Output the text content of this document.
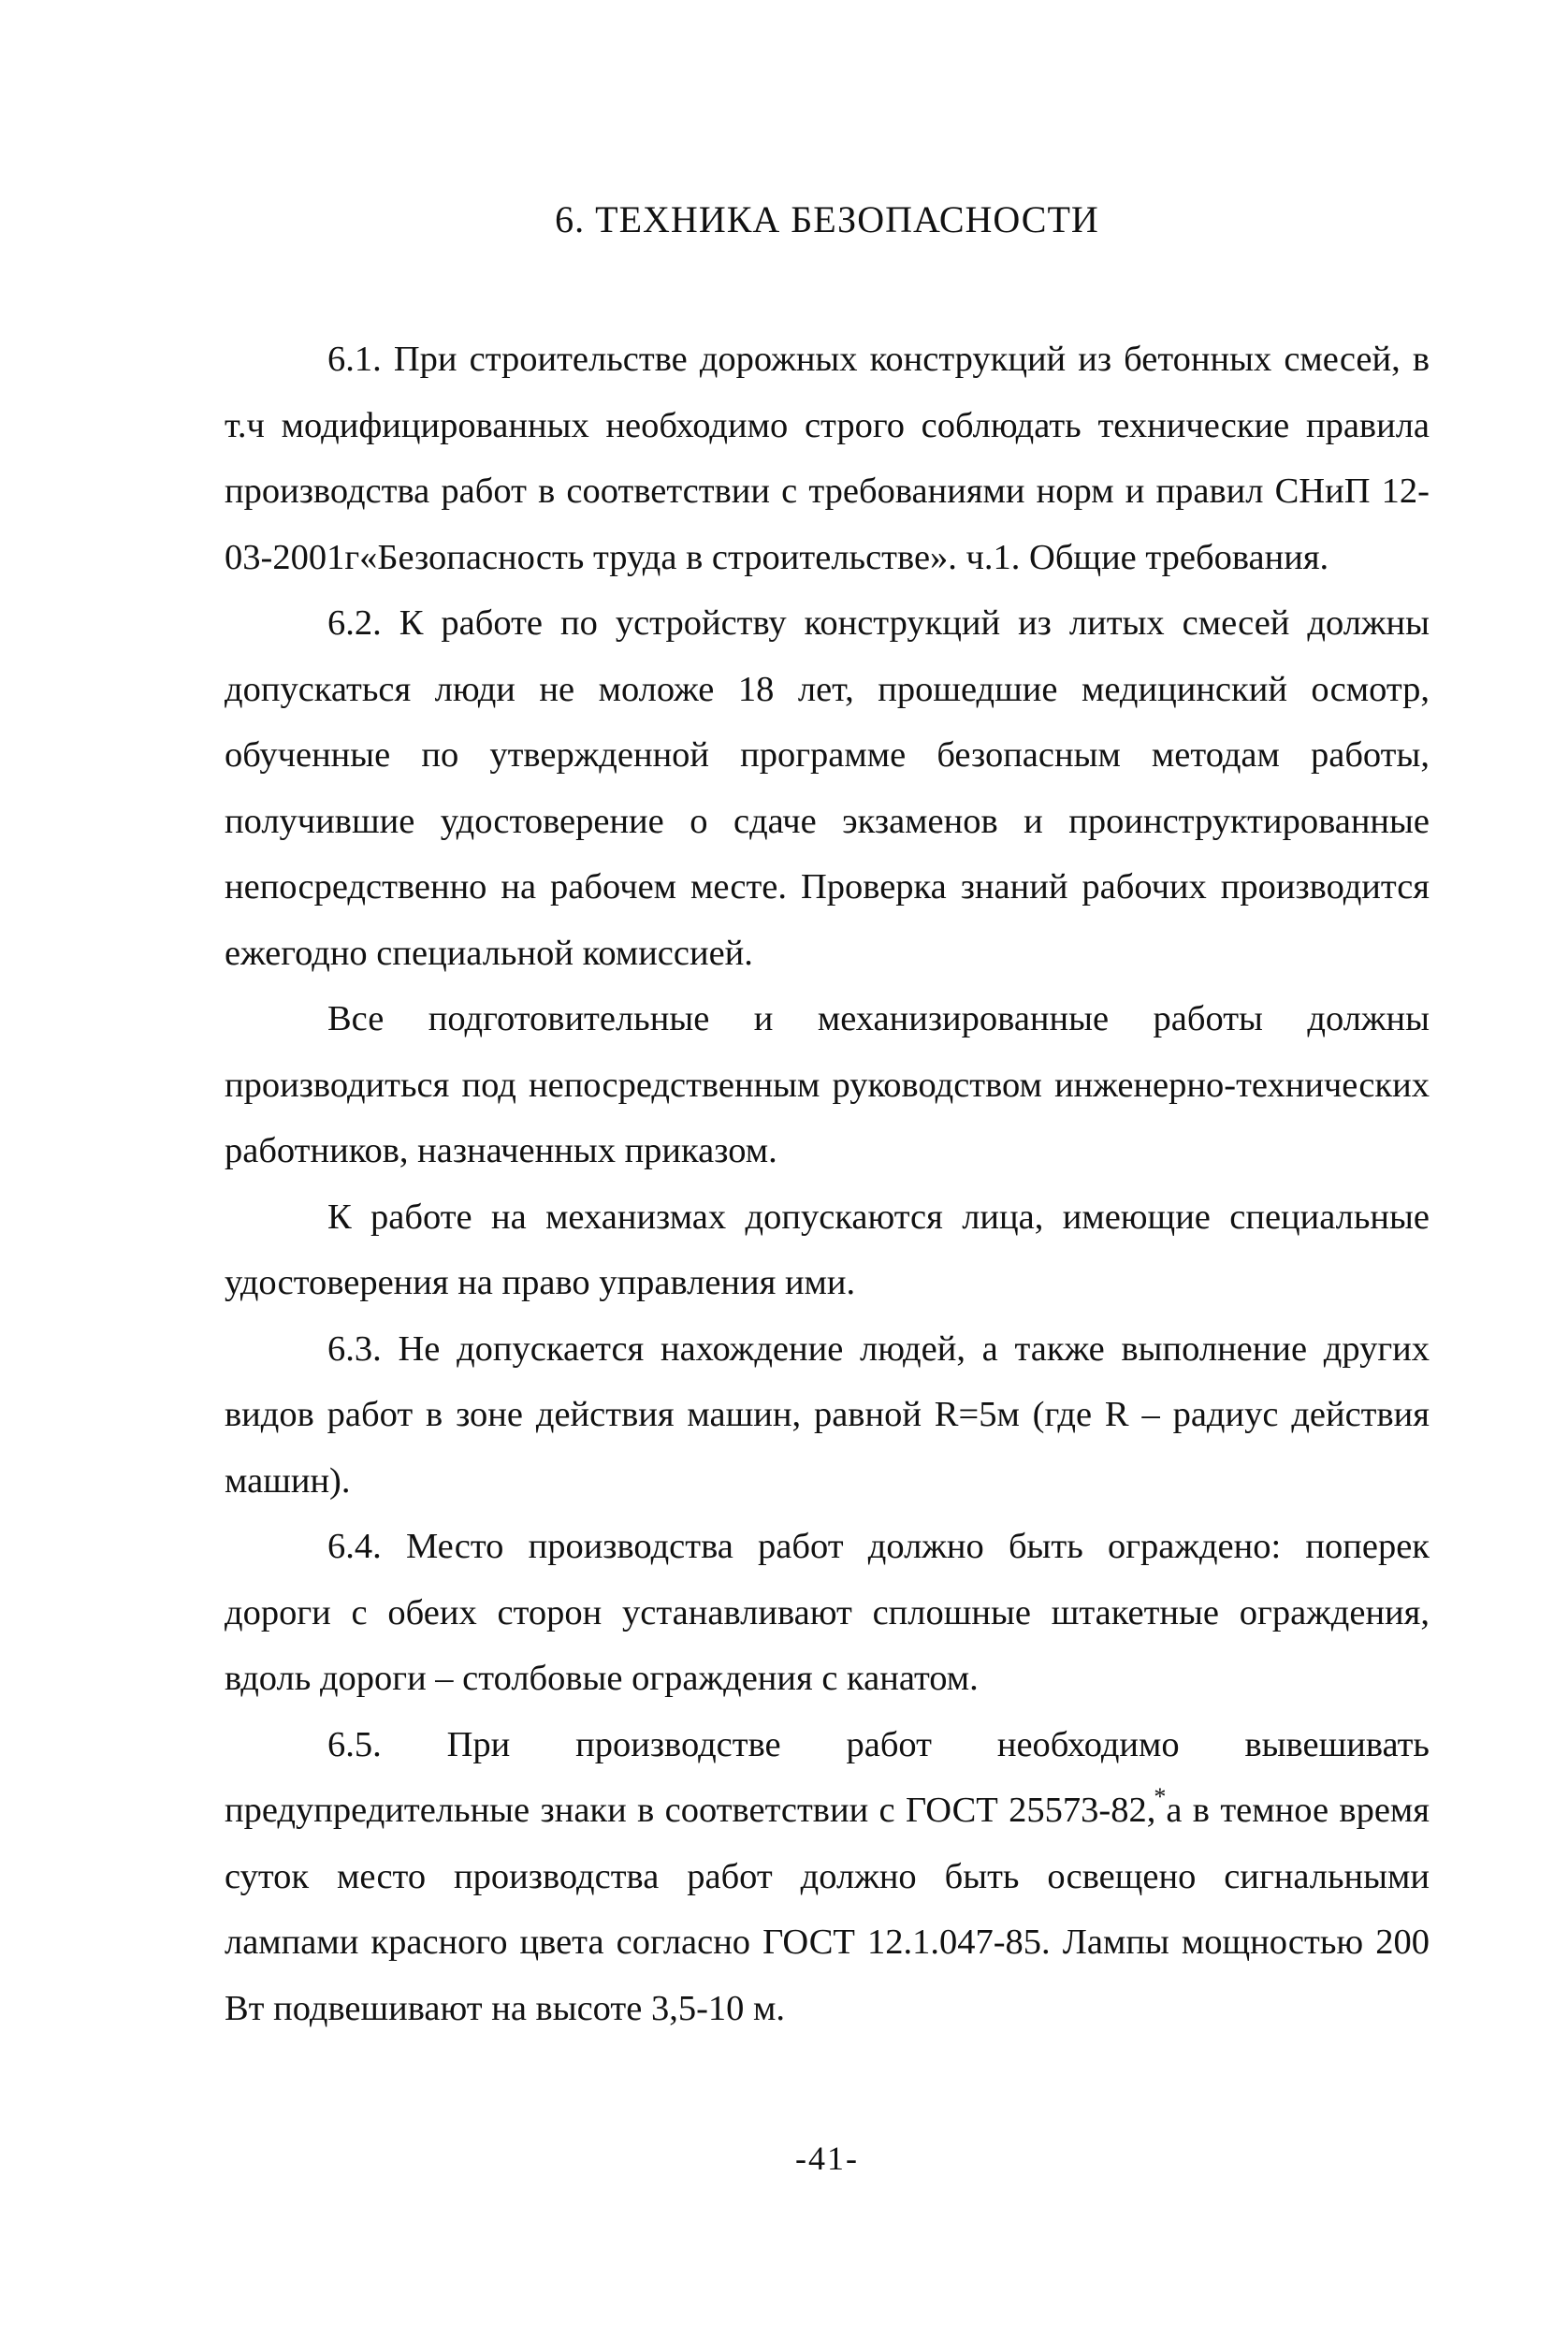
6. ТЕХНИКА БЕЗОПАСНОСТИ

6.1. При строительстве дорожных конструкций из бетонных смесей, в т.ч модифицированных необходимо строго соблюдать технические правила производства работ в соответствии с требованиями норм и правил СНиП 12-03-2001г«Безопасность труда в строительстве». ч.1. Общие требования.

6.2. К работе по устройству конструкций из литых смесей должны допускаться люди не моложе 18 лет, прошедшие медицинский осмотр, обученные по утвержденной программе безопасным методам работы, получившие удостоверение о сдаче экзаменов и проинструктированные непосредственно на рабочем месте. Проверка знаний рабочих производится ежегодно специальной комиссией.

Все подготовительные и механизированные работы должны производиться под непосредственным руководством инженерно-технических работников, назначенных приказом.

К работе на механизмах допускаются лица, имеющие специальные удостоверения на право управления ими.

6.3. Не допускается нахождение людей, а также выполнение других видов работ в зоне действия машин, равной R=5м (где R – радиус действия машин).

6.4. Место производства работ должно быть ограждено: поперек дороги с обеих сторон устанавливают сплошные штакетные ограждения, вдоль дороги – столбовые ограждения с канатом.

6.5. При производстве работ необходимо вывешивать предупредительные знаки в соответствии с ГОСТ 25573-82,*а в темное время суток место производства работ должно быть освещено сигнальными лампами красного цвета согласно ГОСТ 12.1.047-85. Лампы мощностью 200 Вт подвешивают на высоте 3,5-10 м.

-41-
